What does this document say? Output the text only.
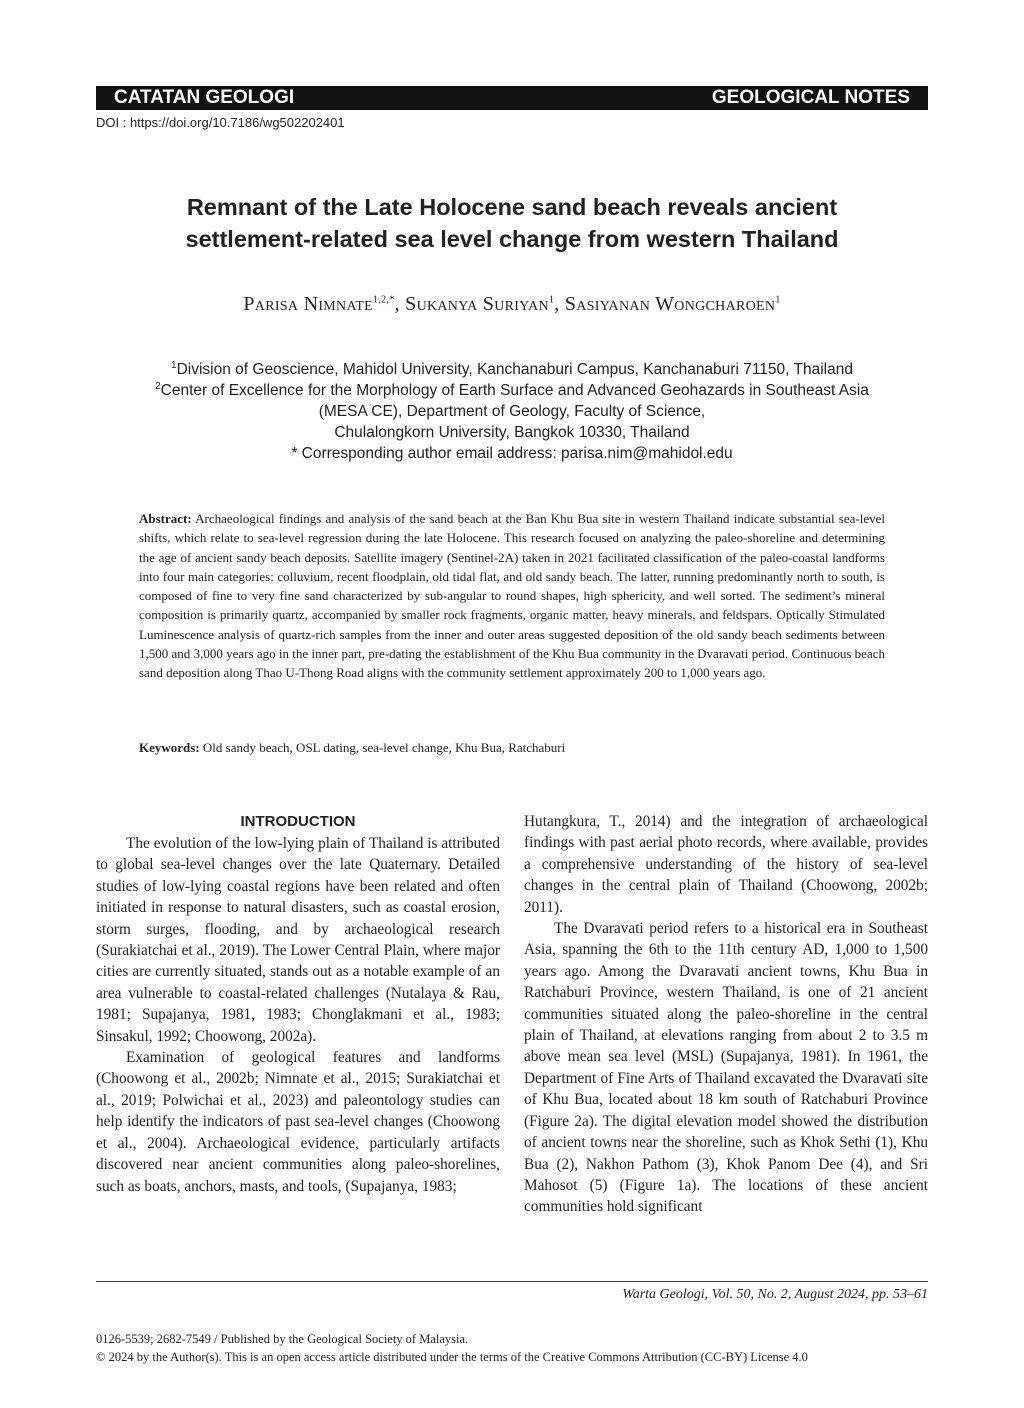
CATATAN GEOLOGI	GEOLOGICAL NOTES
DOI : https://doi.org/10.7186/wg502202401
Remnant of the Late Holocene sand beach reveals ancient
settlement-related sea level change from western Thailand
Parisa Nimnate$^{1,2,*}$, Sukanya Suriyan$^1$, Sasiyanan Wongcharoen$^1$
$^1$Division of Geoscience, Mahidol University, Kanchanaburi Campus, Kanchanaburi 71150, Thailand
$^2$Center of Excellence for the Morphology of Earth Surface and Advanced Geohazards in Southeast Asia
(MESA CE), Department of Geology, Faculty of Science,
Chulalongkorn University, Bangkok 10330, Thailand
* Corresponding author email address: parisa.nim@mahidol.edu
Abstract: Archaeological findings and analysis of the sand beach at the Ban Khu Bua site in western Thailand indicate substantial sea-level shifts, which relate to sea-level regression during the late Holocene. This research focused on analyzing the paleo-shoreline and determining the age of ancient sandy beach deposits. Satellite imagery (Sentinel-2A) taken in 2021 facilitated classification of the paleo-coastal landforms into four main categories: colluvium, recent floodplain, old tidal flat, and old sandy beach. The latter, running predominantly north to south, is composed of fine to very fine sand characterized by sub-angular to round shapes, high sphericity, and well sorted. The sediment’s mineral composition is primarily quartz, accompanied by smaller rock fragments, organic matter, heavy minerals, and feldspars. Optically Stimulated Luminescence analysis of quartz-rich samples from the inner and outer areas suggested deposition of the old sandy beach sediments between 1,500 and 3,000 years ago in the inner part, pre-dating the establishment of the Khu Bua community in the Dvaravati period. Continuous beach sand deposition along Thao U-Thong Road aligns with the community settlement approximately 200 to 1,000 years ago.
Keywords: Old sandy beach, OSL dating, sea-level change, Khu Bua, Ratchaburi
INTRODUCTION

The evolution of the low-lying plain of Thailand is attributed to global sea-level changes over the late Quaternary. Detailed studies of low-lying coastal regions have been related and often initiated in response to natural disasters, such as coastal erosion, storm surges, flooding, and by archaeological research (Surakiatchai et al., 2019). The Lower Central Plain, where major cities are currently situated, stands out as a notable example of an area vulnerable to coastal-related challenges (Nutalaya & Rau, 1981; Supajanya, 1981, 1983; Chonglakmani et al., 1983; Sinsakul, 1992; Choowong, 2002a).

Examination of geological features and landforms (Choowong et al., 2002b; Nimnate et al., 2015; Surakiatchai et al., 2019; Polwichai et al., 2023) and paleontology studies can help identify the indicators of past sea-level changes (Choowong et al., 2004). Archaeological evidence, particularly artifacts discovered near ancient communities along paleo-shorelines, such as boats, anchors, masts, and tools, (Supajanya, 1983;

Hutangkura, T., 2014) and the integration of archaeological findings with past aerial photo records, where available, provides a comprehensive understanding of the history of sea-level changes in the central plain of Thailand (Choowong, 2002b; 2011).

The Dvaravati period refers to a historical era in Southeast Asia, spanning the 6th to the 11th century AD, 1,000 to 1,500 years ago. Among the Dvaravati ancient towns, Khu Bua in Ratchaburi Province, western Thailand, is one of 21 ancient communities situated along the paleo-shoreline in the central plain of Thailand, at elevations ranging from about 2 to 3.5 m above mean sea level (MSL) (Supajanya, 1981). In 1961, the Department of Fine Arts of Thailand excavated the Dvaravati site of Khu Bua, located about 18 km south of Ratchaburi Province (Figure 2a). The digital elevation model showed the distribution of ancient towns near the shoreline, such as Khok Sethi (1), Khu Bua (2), Nakhon Pathom (3), Khok Panom Dee (4), and Sri Mahosot (5) (Figure 1a). The locations of these ancient communities hold significant

Warta Geologi, Vol. 50, No. 2, August 2024, pp. 53–61
0126-5539; 2682-7549 / Published by the Geological Society of Malaysia.
© 2024 by the Author(s). This is an open access article distributed under the terms of the Creative Commons Attribution (CC-BY) License 4.0
